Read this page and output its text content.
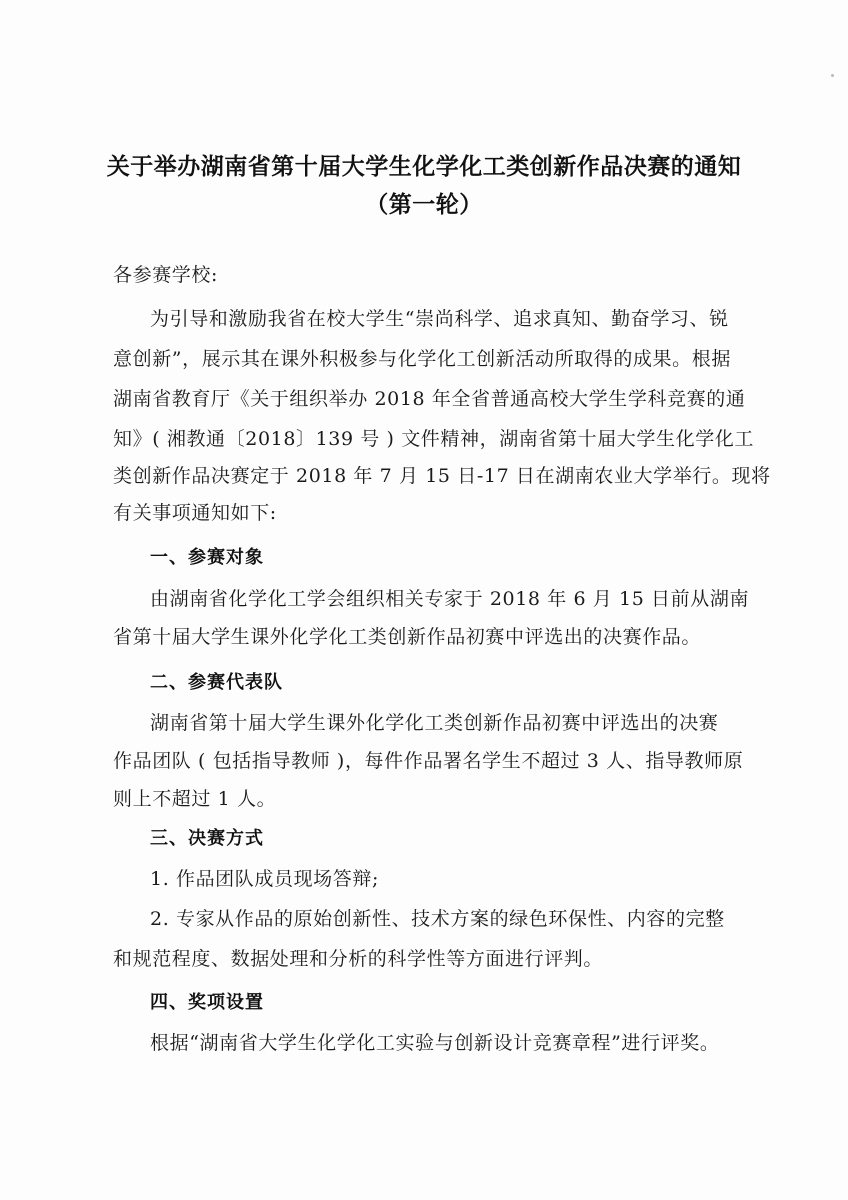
关于举办湖南省第十届大学生化学化工类创新作品决赛的通知
（第一轮）
各参赛学校:
为引导和激励我省在校大学生“崇尚科学、追求真知、勤奋学习、锐
意创新”，展示其在课外积极参与化学化工创新活动所取得的成果。根据
湖南省教育厅《关于组织举办 2018 年全省普通高校大学生学科竞赛的通
知》( 湘教通〔2018〕139 号 ) 文件精神，湖南省第十届大学生化学化工
类创新作品决赛定于 2018 年 7 月 15 日-17 日在湖南农业大学举行。现将
有关事项通知如下:
一、参赛对象
由湖南省化学化工学会组织相关专家于 2018 年 6 月 15 日前从湖南
省第十届大学生课外化学化工类创新作品初赛中评选出的决赛作品。
二、参赛代表队
湖南省第十届大学生课外化学化工类创新作品初赛中评选出的决赛
作品团队 ( 包括指导教师 )，每件作品署名学生不超过 3 人、指导教师原
则上不超过 1 人。
三、决赛方式
1. 作品团队成员现场答辩;
2. 专家从作品的原始创新性、技术方案的绿色环保性、内容的完整
和规范程度、数据处理和分析的科学性等方面进行评判。
四、奖项设置
根据“湖南省大学生化学化工实验与创新设计竞赛章程”进行评奖。
